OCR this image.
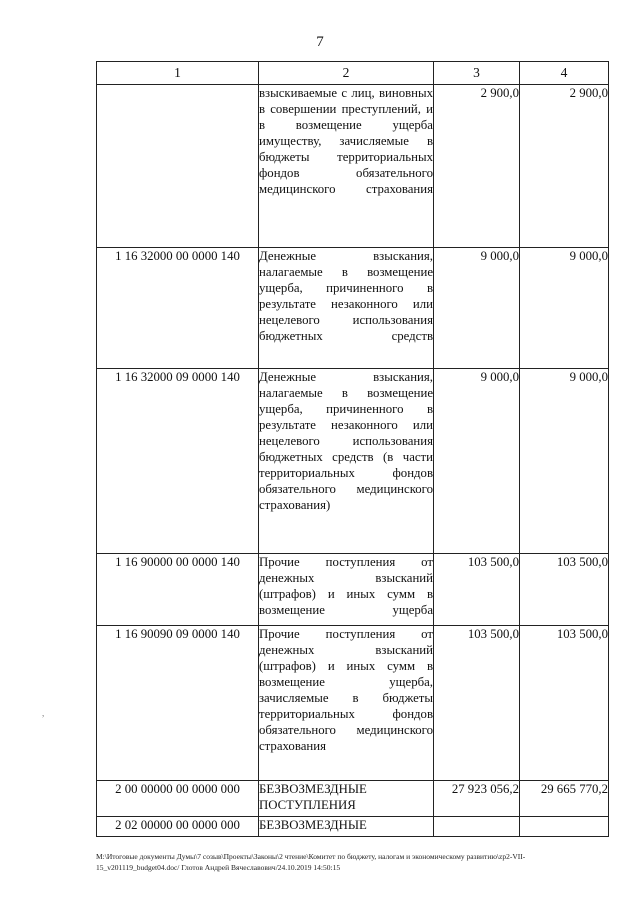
7
1	2	3	4
	взыскиваемые с лиц, виновных в совершении преступлений, и в возмещение ущерба имуществу, зачисляемые в бюджеты территориальных фондов обязательного медицинского страхования	2 900,0	2 900,0
1 16 32000 00 0000 140	Денежные взыскания, налагаемые в возмещение ущерба, причиненного в результате незаконного или нецелевого использования бюджетных средств	9 000,0	9 000,0
1 16 32000 09 0000 140	Денежные взыскания, налагаемые в возмещение ущерба, причиненного в результате незаконного или нецелевого использования бюджетных средств (в части территориальных фондов обязательного медицинского страхования)	9 000,0	9 000,0
1 16 90000 00 0000 140	Прочие поступления от денежных взысканий (штрафов) и иных сумм в возмещение ущерба	103 500,0	103 500,0
1 16 90090 09 0000 140	Прочие поступления от денежных взысканий (штрафов) и иных сумм в возмещение ущерба, зачисляемые в бюджеты территориальных фондов обязательного медицинского страхования	103 500,0	103 500,0
2 00 00000 00 0000 000	БЕЗВОЗМЕЗДНЫЕ ПОСТУПЛЕНИЯ	27 923 056,2	29 665 770,2
2 02 00000 00 0000 000	БЕЗВОЗМЕЗДНЫЕ		
,
M:\Итоговые документы Думы\7 созыв\Проекты\Законы\2 чтение\Комитет по бюджету, налогам и экономическому развитию\zp2-VII-
15_v201119_budget04.doc/ Глотов Андрей Вячеславович/24.10.2019 14:50:15
